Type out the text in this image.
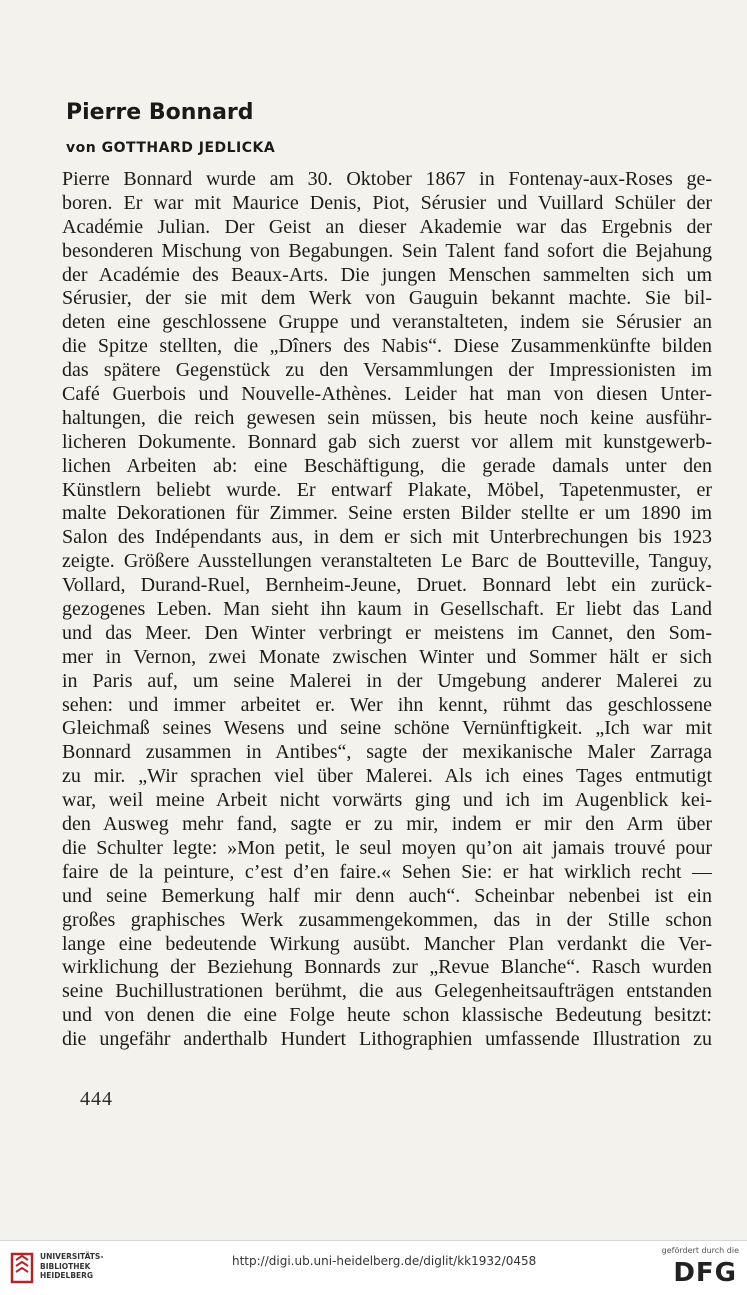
Pierre Bonnard
von GOTTHARD JEDLICKA
Pierre Bonnard wurde am 30. Oktober 1867 in Fontenay-aux-Roses ge-
boren. Er war mit Maurice Denis, Piot, Sérusier und Vuillard Schüler der
Académie Julian. Der Geist an dieser Akademie war das Ergebnis der
besonderen Mischung von Begabungen. Sein Talent fand sofort die Bejahung
der Académie des Beaux-Arts. Die jungen Menschen sammelten sich um
Sérusier, der sie mit dem Werk von Gauguin bekannt machte. Sie bil-
deten eine geschlossene Gruppe und veranstalteten, indem sie Sérusier an
die Spitze stellten, die „Dîners des Nabis“. Diese Zusammenkünfte bilden
das spätere Gegenstück zu den Versammlungen der Impressionisten im
Café Guerbois und Nouvelle-Athènes. Leider hat man von diesen Unter-
haltungen, die reich gewesen sein müssen, bis heute noch keine ausführ-
licheren Dokumente. Bonnard gab sich zuerst vor allem mit kunstgewerb-
lichen Arbeiten ab: eine Beschäftigung, die gerade damals unter den
Künstlern beliebt wurde. Er entwarf Plakate, Möbel, Tapetenmuster, er
malte Dekorationen für Zimmer. Seine ersten Bilder stellte er um 1890 im
Salon des Indépendants aus, in dem er sich mit Unterbrechungen bis 1923
zeigte. Größere Ausstellungen veranstalteten Le Barc de Boutteville, Tanguy,
Vollard, Durand-Ruel, Bernheim-Jeune, Druet. Bonnard lebt ein zurück-
gezogenes Leben. Man sieht ihn kaum in Gesellschaft. Er liebt das Land
und das Meer. Den Winter verbringt er meistens im Cannet, den Som-
mer in Vernon, zwei Monate zwischen Winter und Sommer hält er sich
in Paris auf, um seine Malerei in der Umgebung anderer Malerei zu
sehen: und immer arbeitet er. Wer ihn kennt, rühmt das geschlossene
Gleichmaß seines Wesens und seine schöne Vernünftigkeit. „Ich war mit
Bonnard zusammen in Antibes“, sagte der mexikanische Maler Zarraga
zu mir. „Wir sprachen viel über Malerei. Als ich eines Tages entmutigt
war, weil meine Arbeit nicht vorwärts ging und ich im Augenblick kei-
den Ausweg mehr fand, sagte er zu mir, indem er mir den Arm über
die Schulter legte: »Mon petit, le seul moyen qu’on ait jamais trouvé pour
faire de la peinture, c’est d’en faire.« Sehen Sie: er hat wirklich recht —
und seine Bemerkung half mir denn auch“. Scheinbar nebenbei ist ein
großes graphisches Werk zusammengekommen, das in der Stille schon
lange eine bedeutende Wirkung ausübt. Mancher Plan verdankt die Ver-
wirklichung der Beziehung Bonnards zur „Revue Blanche“. Rasch wurden
seine Buchillustrationen berühmt, die aus Gelegenheitsaufträgen entstanden
und von denen die eine Folge heute schon klassische Bedeutung besitzt:
die ungefähr anderthalb Hundert Lithographien umfassende Illustration zu
444
UNIVERSITÄTS-
BIBLIOTHEK
HEIDELBERG
http://digi.ub.uni-heidelberg.de/diglit/kk1932/0458
gefördert durch die
DFG
